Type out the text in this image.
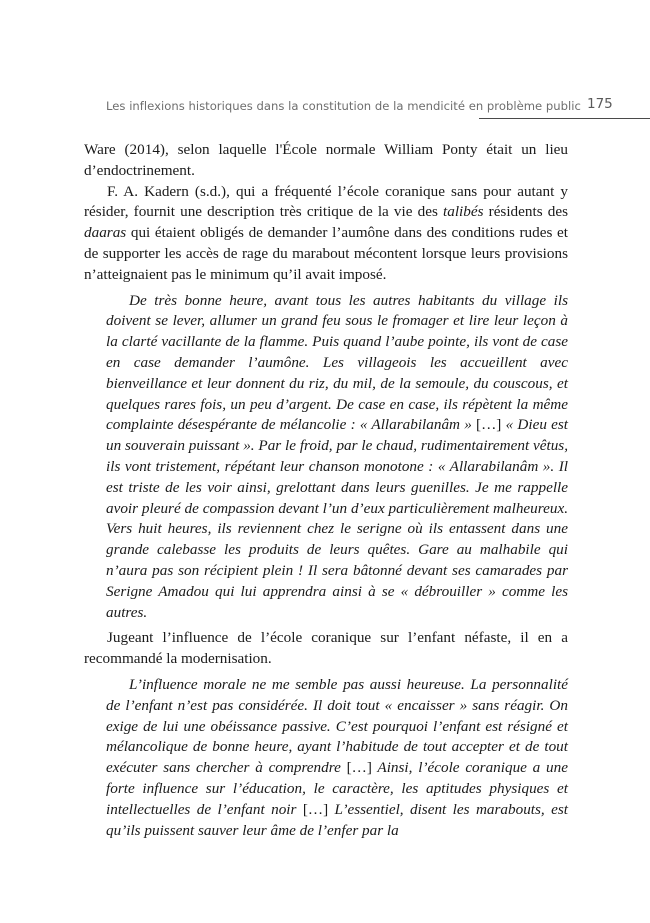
Les inflexions historiques dans la constitution de la mendicité en problème public 175

Ware (2014), selon laquelle l'École normale William Ponty était un lieu d’endoctrinement.

F. A. Kadern (s.d.), qui a fréquenté l’école coranique sans pour autant y résider, fournit une description très critique de la vie des talibés résidents des daaras qui étaient obligés de demander l’aumône dans des conditions rudes et de supporter les accès de rage du marabout mécontent lorsque leurs provisions n’atteignaient pas le minimum qu’il avait imposé.

De très bonne heure, avant tous les autres habitants du village ils doivent se lever, allumer un grand feu sous le fromager et lire leur leçon à la clarté vacillante de la flamme. Puis quand l’aube pointe, ils vont de case en case demander l’aumône. Les villageois les accueillent avec bienveillance et leur donnent du riz, du mil, de la semoule, du couscous, et quelques rares fois, un peu d’argent. De case en case, ils répètent la même complainte désespérante de mélancolie : « Allarabilanâm » […] « Dieu est un souverain puissant ». Par le froid, par le chaud, rudimentairement vêtus, ils vont tristement, répétant leur chanson monotone : « Allarabilanâm ». Il est triste de les voir ainsi, grelottant dans leurs guenilles. Je me rappelle avoir pleuré de compassion devant l’un d’eux particulièrement malheureux. Vers huit heures, ils reviennent chez le serigne où ils entassent dans une grande calebasse les produits de leurs quêtes. Gare au malhabile qui n’aura pas son récipient plein ! Il sera bâtonné devant ses camarades par Serigne Amadou qui lui apprendra ainsi à se « débrouiller » comme les autres.

Jugeant l’influence de l’école coranique sur l’enfant néfaste, il en a recommandé la modernisation.

L’influence morale ne me semble pas aussi heureuse. La personnalité de l’enfant n’est pas considérée. Il doit tout « encaisser » sans réagir. On exige de lui une obéissance passive. C’est pourquoi l’enfant est résigné et mélancolique de bonne heure, ayant l’habitude de tout accepter et de tout exécuter sans chercher à comprendre […] Ainsi, l’école coranique a une forte influence sur l’éducation, le caractère, les aptitudes physiques et intellectuelles de l’enfant noir […] L’essentiel, disent les marabouts, est qu’ils puissent sauver leur âme de l’enfer par la
